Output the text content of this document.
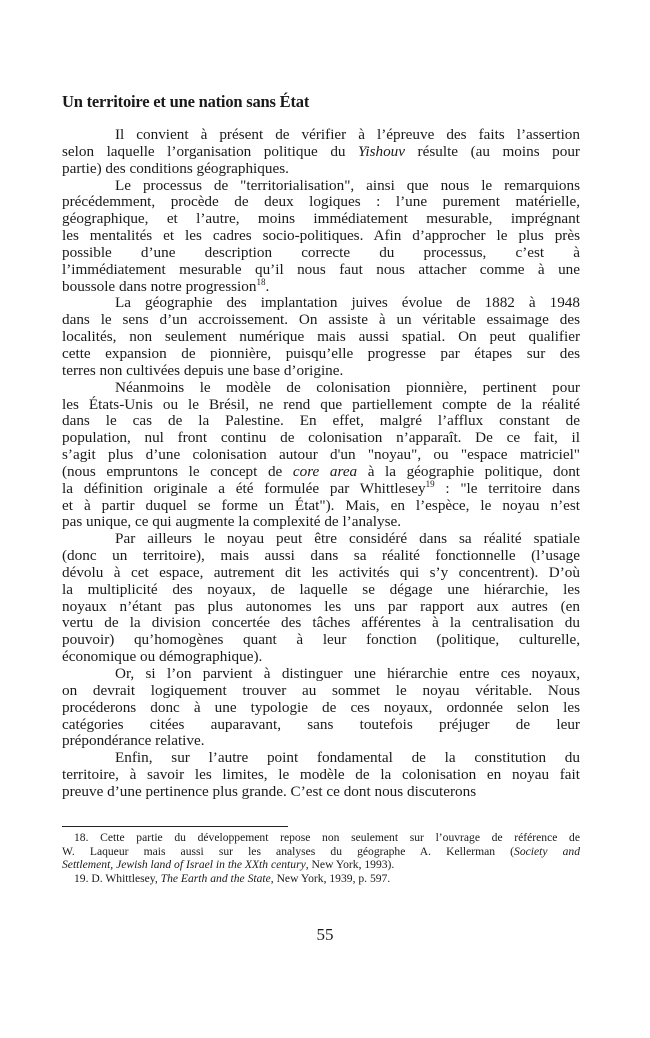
Un territoire et une nation sans État
Il convient à présent de vérifier à l’épreuve des faits l’assertion
selon laquelle l’organisation politique du Yishouv résulte (au moins pour
partie) des conditions géographiques.
Le processus de "territorialisation", ainsi que nous le remarquions
précédemment, procède de deux logiques : l’une purement matérielle,
géographique, et l’autre, moins immédiatement mesurable, imprégnant
les mentalités et les cadres socio-politiques. Afin d’approcher le plus près
possible d’une description correcte du processus, c’est à
l’immédiatement mesurable qu’il nous faut nous attacher comme à une
boussole dans notre progression$^{18}$.
La géographie des implantation juives évolue de 1882 à 1948
dans le sens d’un accroissement. On assiste à un véritable essaimage des
localités, non seulement numérique mais aussi spatial. On peut qualifier
cette expansion de pionnière, puisqu’elle progresse par étapes sur des
terres non cultivées depuis une base d’origine.
Néanmoins le modèle de colonisation pionnière, pertinent pour
les États-Unis ou le Brésil, ne rend que partiellement compte de la réalité
dans le cas de la Palestine. En effet, malgré l’afflux constant de
population, nul front continu de colonisation n’apparaît. De ce fait, il
s’agit plus d’une colonisation autour d'un "noyau", ou "espace matriciel"
(nous empruntons le concept de core area à la géographie politique, dont
la définition originale a été formulée par Whittlesey$^{19}$ : "le territoire dans
et à partir duquel se forme un État"). Mais, en l’espèce, le noyau n’est
pas unique, ce qui augmente la complexité de l’analyse.
Par ailleurs le noyau peut être considéré dans sa réalité spatiale
(donc un territoire), mais aussi dans sa réalité fonctionnelle (l’usage
dévolu à cet espace, autrement dit les activités qui s’y concentrent). D’où
la multiplicité des noyaux, de laquelle se dégage une hiérarchie, les
noyaux n’étant pas plus autonomes les uns par rapport aux autres (en
vertu de la division concertée des tâches afférentes à la centralisation du
pouvoir) qu’homogènes quant à leur fonction (politique, culturelle,
économique ou démographique).
Or, si l’on parvient à distinguer une hiérarchie entre ces noyaux,
on devrait logiquement trouver au sommet le noyau véritable. Nous
procéderons donc à une typologie de ces noyaux, ordonnée selon les
catégories citées auparavant, sans toutefois préjuger de leur
prépondérance relative.
Enfin, sur l’autre point fondamental de la constitution du
territoire, à savoir les limites, le modèle de la colonisation en noyau fait
preuve d’une pertinence plus grande. C’est ce dont nous discuterons
18. Cette partie du développement repose non seulement sur l’ouvrage de référence de
W. Laqueur mais aussi sur les analyses du géographe A. Kellerman (Society and
Settlement, Jewish land of Israel in the XXth century, New York, 1993).
19. D. Whittlesey, The Earth and the State, New York, 1939, p. 597.
55
